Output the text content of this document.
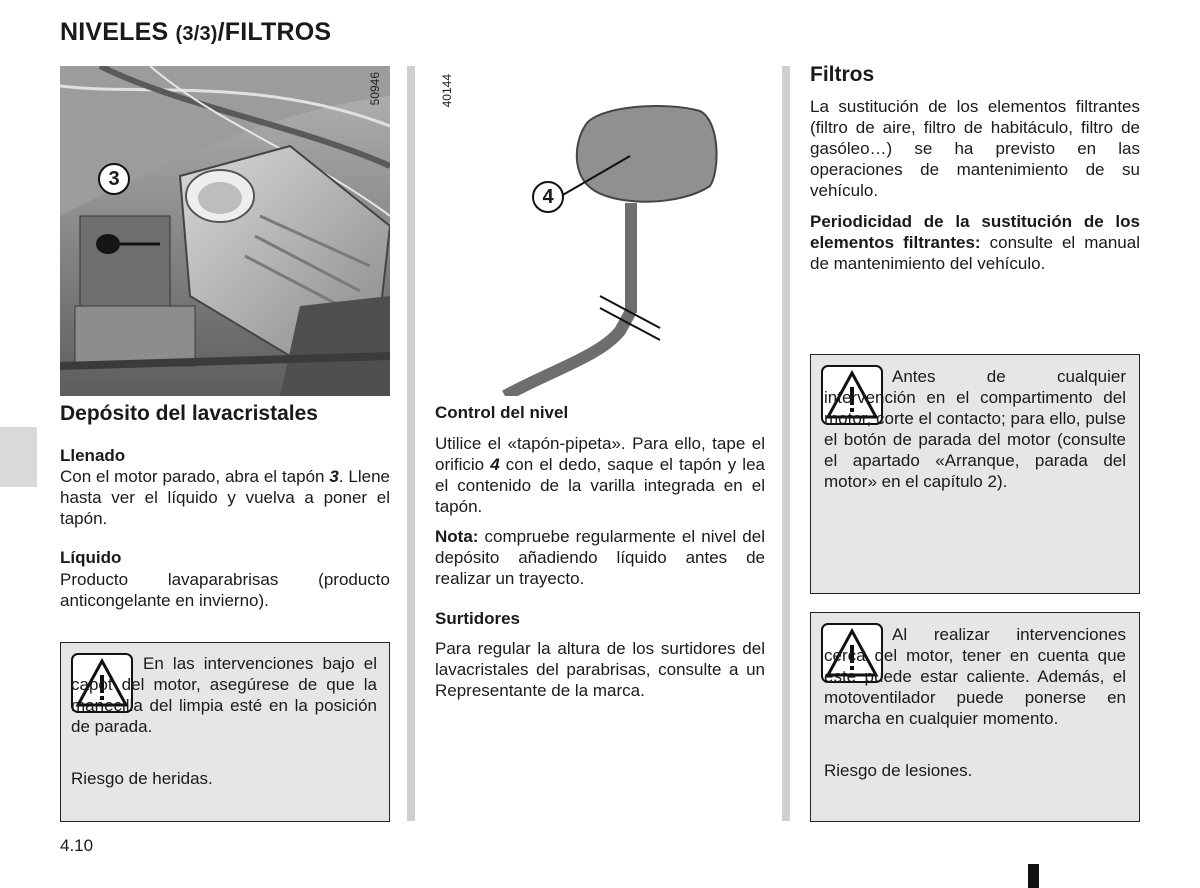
NIVELES (3/3)/FILTROS
3
50946
4
40144
Depósito del lavacristales
Llenado
Con el motor parado, abra el tapón 3. Llene hasta ver el líquido y vuelva a poner el tapón.
Líquido
Producto lavaparabrisas (producto anticongelante en invierno).
En las intervenciones bajo el capot del motor, asegúrese de que la manecilla del limpia esté en la posición de parada.
Riesgo de heridas.
Control del nivel
Utilice el «tapón-pipeta». Para ello, tape el orificio 4 con el dedo, saque el tapón y lea el contenido de la varilla integrada en el tapón.
Nota: compruebe regularmente el nivel del depósito añadiendo líquido antes de realizar un trayecto.
Surtidores
Para regular la altura de los surtidores del lavacristales del parabrisas, consulte a un Representante de la marca.
Filtros
La sustitución de los elementos filtrantes (filtro de aire, filtro de habitáculo, filtro de gasóleo…) se ha previsto en las operaciones de mantenimiento de su vehículo.
Periodicidad de la sustitución de los elementos filtrantes: consulte el manual de mantenimiento del vehículo.
Antes de cualquier intervención en el compartimento del motor, corte el contacto; para ello, pulse el botón de parada del motor (consulte el apartado «Arranque, parada del motor» en el capítulo 2).
Al realizar intervenciones cerca del motor, tener en cuenta que este puede estar caliente. Además, el motoventilador puede ponerse en marcha en cualquier momento.
Riesgo de lesiones.
4.10
